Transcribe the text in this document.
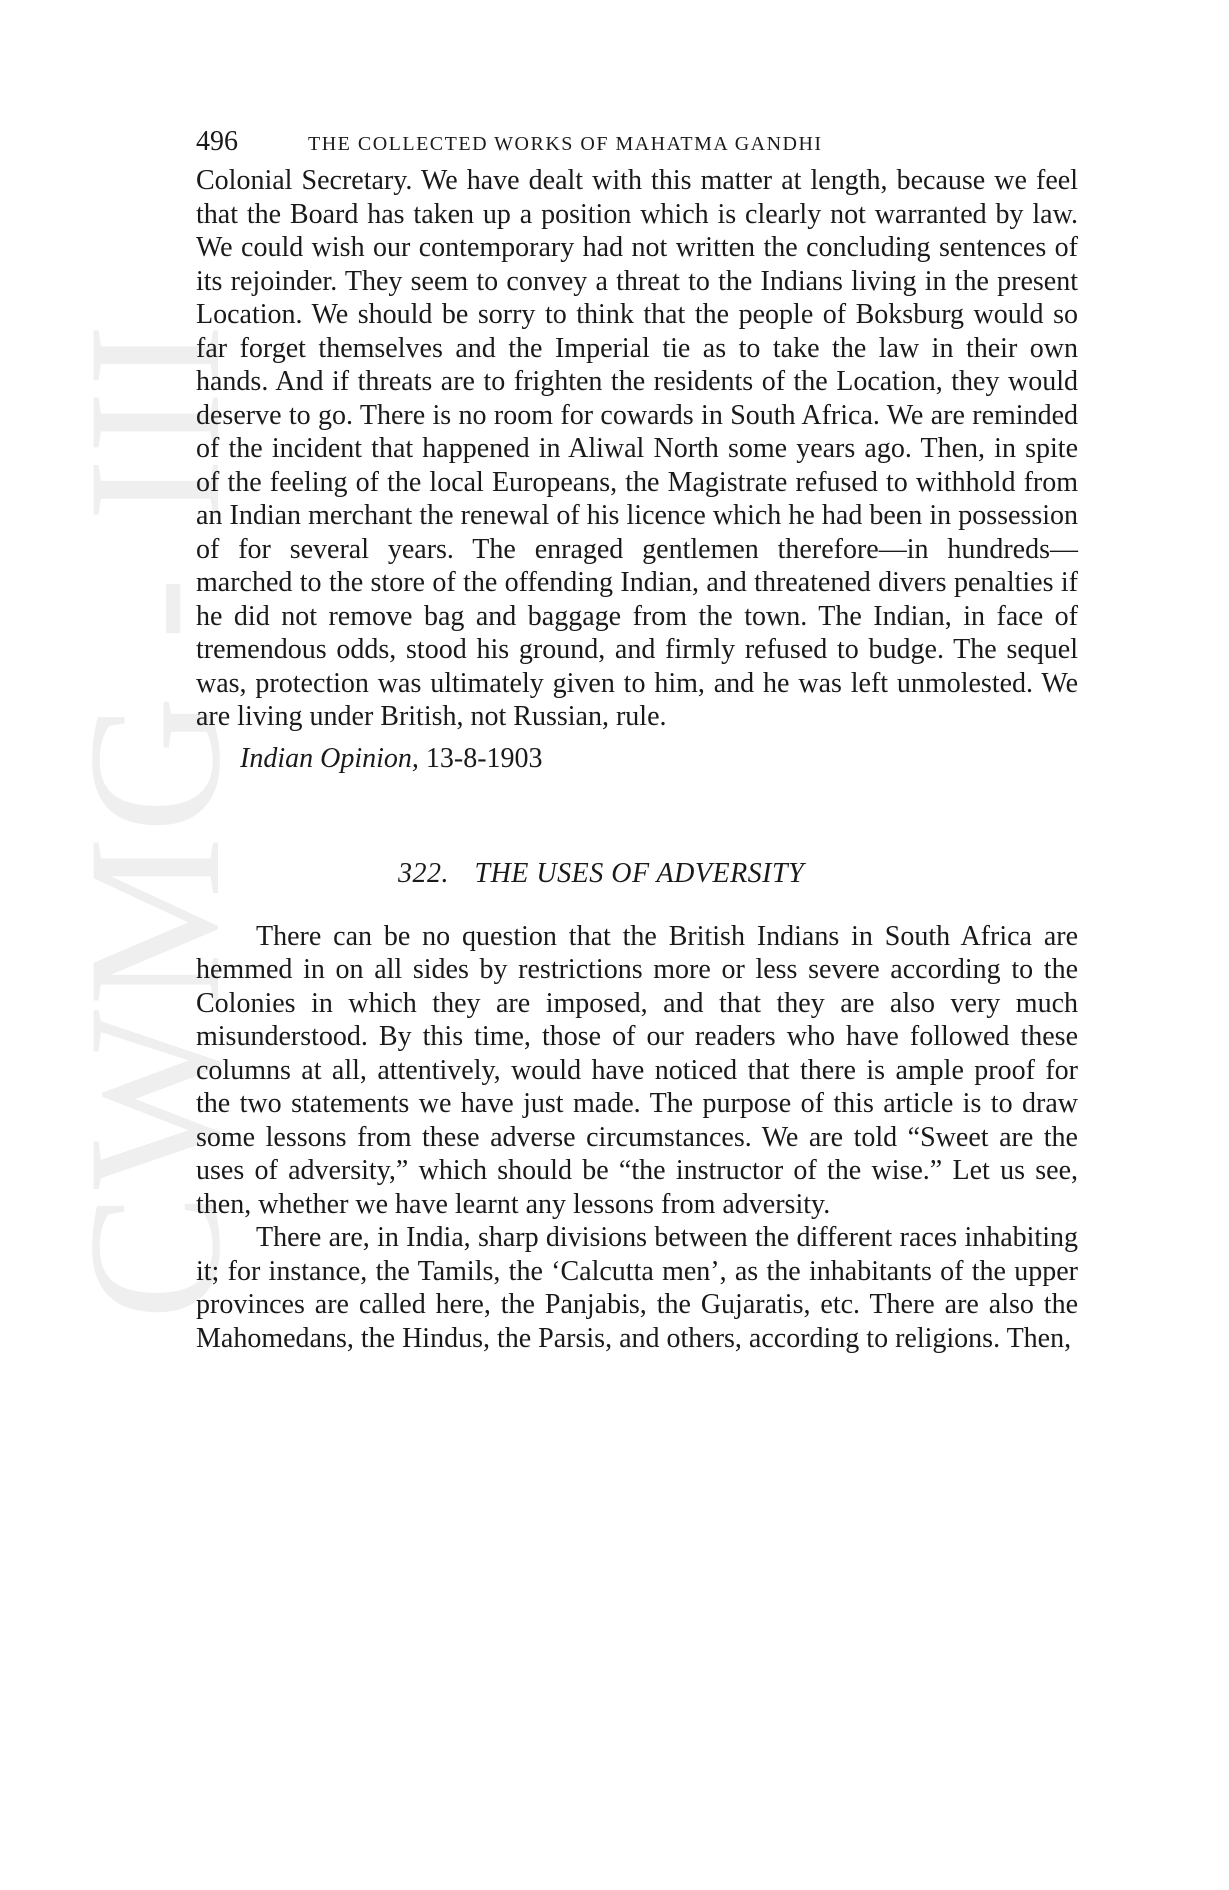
CWMG - III
496	THE COLLECTED WORKS OF MAHATMA GANDHI

Colonial Secretary. We have dealt with this matter at length, because we feel that the Board has taken up a position which is clearly not warranted by law. We could wish our contemporary had not written the concluding sentences of its rejoinder. They seem to convey a threat to the Indians living in the present Location. We should be sorry to think that the people of Boksburg would so far forget themselves and the Imperial tie as to take the law in their own hands. And if threats are to frighten the residents of the Location, they would deserve to go. There is no room for cowards in South Africa. We are reminded of the incident that happened in Aliwal North some years ago. Then, in spite of the feeling of the local Europeans, the Magistrate refused to withhold from an Indian merchant the renewal of his licence which he had been in possession of for several years. The enraged gentlemen therefore—in hundreds—marched to the store of the offending Indian, and threatened divers penalties if he did not remove bag and baggage from the town. The Indian, in face of tremendous odds, stood his ground, and firmly refused to budge. The sequel was, protection was ultimately given to him, and he was left unmolested. We are living under British, not Russian, rule.

Indian Opinion, 13-8-1903
322. THE USES OF ADVERSITY

There can be no question that the British Indians in South Africa are hemmed in on all sides by restrictions more or less severe according to the Colonies in which they are imposed, and that they are also very much misunderstood. By this time, those of our readers who have followed these columns at all, attentively, would have noticed that there is ample proof for the two statements we have just made. The purpose of this article is to draw some lessons from these adverse circumstances. We are told “Sweet are the uses of adversity,” which should be “the instructor of the wise.” Let us see, then, whether we have learnt any lessons from adversity.

There are, in India, sharp divisions between the different races inhabiting it; for instance, the Tamils, the ‘Calcutta men’, as the inhabitants of the upper provinces are called here, the Panjabis, the Gujaratis, etc. There are also the Mahomedans, the Hindus, the Parsis, and others, according to religions. Then,
